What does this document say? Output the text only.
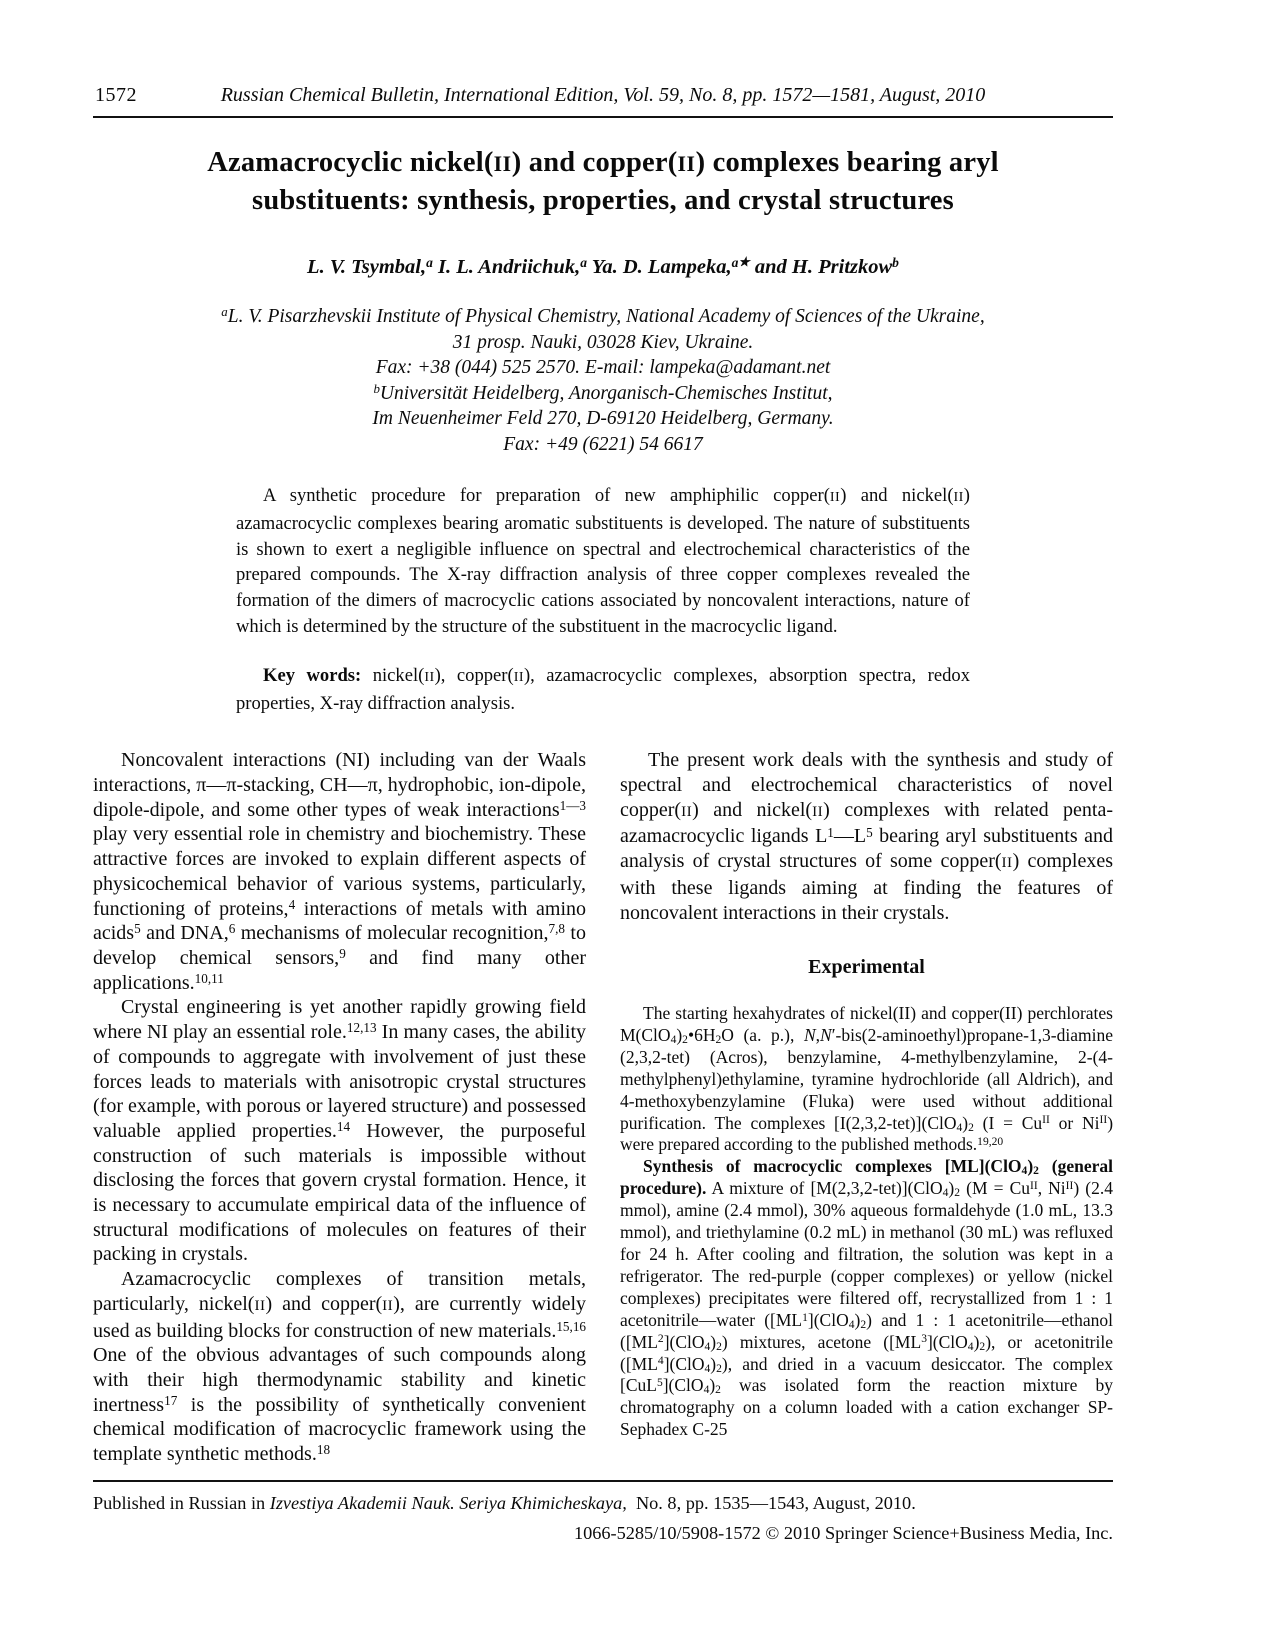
1572	Russian Chemical Bulletin, International Edition, Vol. 59, No. 8, pp. 1572—1581, August, 2010
Azamacrocyclic nickel(II) and copper(II) complexes bearing aryl
substituents: synthesis, properties, and crystal structures
L. V. Tsymbal,$^a$ I. L. Andriichuk,$^a$ Ya. D. Lampeka,$^{a★}$ and H. Pritzkow$^b$
$^a$L. V. Pisarzhevskii Institute of Physical Chemistry, National Academy of Sciences of the Ukraine,
31 prosp. Nauki, 03028 Kiev, Ukraine.
Fax: +38 (044) 525 2570. E-mail: lampeka@adamant.net
$^b$Universität Heidelberg, Anorganisch-Chemisches Institut,
Im Neuenheimer Feld 270, D-69120 Heidelberg, Germany.
Fax: +49 (6221) 54 6617
A synthetic procedure for preparation of new amphiphilic copper(II) and nickel(II) azamacrocyclic complexes bearing aromatic substituents is developed. The nature of substituents is shown to exert a negligible influence on spectral and electrochemical characteristics of the prepared compounds. The X-ray diffraction analysis of three copper complexes revealed the formation of the dimers of macrocyclic cations associated by noncovalent interactions, nature of which is determined by the structure of the substituent in the macrocyclic ligand.
Key words: nickel(II), copper(II), azamacrocyclic complexes, absorption spectra, redox properties, X-ray diffraction analysis.

Noncovalent interactions (NI) including van der Waals interactions, π—π-stacking, CH—π, hydrophobic, ion-dipole, dipole-dipole, and some other types of weak interactions$^{1—3}$ play very essential role in chemistry and biochemistry. These attractive forces are invoked to explain different aspects of physicochemical behavior of various systems, particularly, functioning of proteins,$^4$ interactions of metals with amino acids$^5$ and DNA,$^6$ mechanisms of molecular recognition,$^{7,8}$ to develop chemical sensors,$^9$ and find many other applications.$^{10,11}$

Crystal engineering is yet another rapidly growing field where NI play an essential role.$^{12,13}$ In many cases, the ability of compounds to aggregate with involvement of just these forces leads to materials with anisotropic crystal structures (for example, with porous or layered structure) and possessed valuable applied properties.$^{14}$ However, the purposeful construction of such materials is impossible without disclosing the forces that govern crystal formation. Hence, it is necessary to accumulate empirical data of the influence of structural modifications of molecules on features of their packing in crystals.

Azamacrocyclic complexes of transition metals, particularly, nickel(II) and copper(II), are currently widely used as building blocks for construction of new materials.$^{15,16}$ One of the obvious advantages of such compounds along with their high thermodynamic stability and kinetic inertness$^{17}$ is the possibility of synthetically convenient chemical modification of macrocyclic framework using the template synthetic methods.$^{18}$

The present work deals with the synthesis and study of spectral and electrochemical characteristics of novel copper(II) and nickel(II) complexes with related penta-azamacrocyclic ligands $L^1—L^5$ bearing aryl substituents and analysis of crystal structures of some copper(II) complexes with these ligands aiming at finding the features of noncovalent interactions in their crystals.

Experimental

The starting hexahydrates of nickel(II) and copper(II) perchlorates $M(ClO_4)_2•6H_2O$ (a. p.), N,N′-bis(2-aminoethyl)propane-1,3-diamine (2,3,2-tet) (Acros), benzylamine, 4-methylbenzylamine, 2-(4-methylphenyl)ethylamine, tyramine hydrochloride (all Aldrich), and 4-methoxybenzylamine (Fluka) were used without additional purification. The complexes $[I(2,3,2-tet)](ClO_4)_2$ ($I = Cu^{II}$ or $Ni^{II}$) were prepared according to the published methods.$^{19,20}$

Synthesis of macrocyclic complexes $[ML](ClO_4)_2$ (general procedure). A mixture of $[M(2,3,2-tet)](ClO_4)_2$ ($M = Cu^{II}$, $Ni^{II}$) (2.4 mmol), amine (2.4 mmol), 30% aqueous formaldehyde (1.0 mL, 13.3 mmol), and triethylamine (0.2 mL) in methanol (30 mL) was refluxed for 24 h. After cooling and filtration, the solution was kept in a refrigerator. The red-purple (copper complexes) or yellow (nickel complexes) precipitates were filtered off, recrystallized from 1 : 1 acetonitrile—water $([ML^1](ClO_4)_2)$ and 1 : 1 acetonitrile—ethanol $([ML^2](ClO_4)_2)$ mixtures, acetone $([ML^3](ClO_4)_2)$, or acetonitrile $([ML^4](ClO_4)_2)$, and dried in a vacuum desiccator. The complex $[CuL^5](ClO_4)_2$ was isolated form the reaction mixture by chromatography on a column loaded with a cation exchanger SP-Sephadex C-25

Published in Russian in Izvestiya Akademii Nauk. Seriya Khimicheskaya,  No. 8, pp. 1535—1543, August, 2010.
1066-5285/10/5908-1572 © 2010 Springer Science+Business Media, Inc.
